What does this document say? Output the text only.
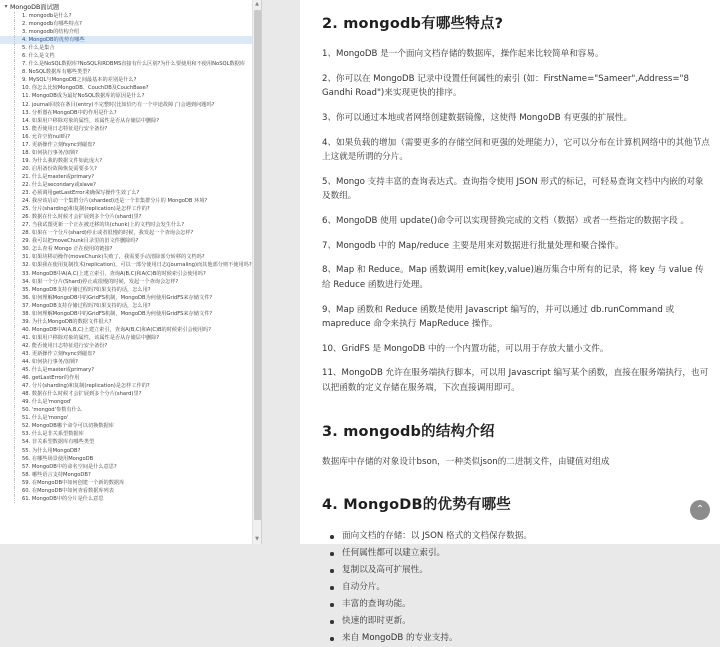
▾ MongoDB面试题
1. mongodb是什么?
2. mongodb有哪些特点?
3. mongodb的结构介绍
4. MongoDB的优势有哪些
5. 什么是集合
6. 什么是文档
7. 什么是NoSQL数据库?NoSQL和RDBMS直接有什么区别?为什么要使用和不使用NoSQL数据库
8. NoSQL数据库有哪些类型?
9. MySQL与MongoDB之间最基本的差别是什么?
10. 你怎么比较MongoDB、CouchDB及CouchBase?
11. MongoDB成为最好NoSQL数据库的原因是什么?
12. journal回放在条目(entry)不完整时(比如恰巧有一个中途故障了)会遇到问题吗?
13. 分析器在MongoDB中的作用是什么?
14. 如果用户移除对象的属性，该属性是否从存储层中删除?
15. 能否使用日志特征进行安全备份?
16. 允许空值null吗?
17. 更新操作立刻fsync到磁盘?
18. 如何执行事务/加锁?
19. 为什么我的数据文件如此庞大?
20. 启用备份故障恢复需要多久?
21. 什么是master或primary?
22. 什么是secondary或slave?
23. 必须调用getLastError来确保写操作生效了么?
24. 我应该启动一个集群分片(sharded)还是一个非集群分片的 MongoDB 环境?
25. 分片(sharding)和复制(replication)是怎样工作的?
26. 数据在什么时候才会扩展到多个分片(shard)里?
27. 当我试图更新一个正在被迁移的块(chunk)上的文档时会发生什么?
28. 如果在一个分片(shard)停止或者很慢的时候，我发起一个查询会怎样?
29. 我可以把moveChunk目录里的旧文件删除吗?
30. 怎么查看 Mongo 正在使用的链接?
31. 如果块移动操作(moveChunk)失败了，我需要手动清除部分转移的文档吗?
32. 如果我在使用复制技术(replication)，可以一部分使用日志(journaling)而其他部分则不使用吗?
33. MongoDB中A(A,C)上建立索引，查询A(B,C)和A(C)B的时候索引会使用吗?
34. 如果一个分片(Shard)停止或很慢的时候，发起一个查询会怎样?
35. MongoDB支持存储过程吗?如果支持的话，怎么用?
36. 如何理解MongoDB中的GridFS机制，MongoDB为何使用GridFS来存储文件?
37. MongoDB支持存储过程吗?如果支持的话，怎么用?
38. 如何理解MongoDB中的GridFS机制，MongoDB为何使用GridFS来存储文件?
39. 为什么MongoDB的数据文件很大?
40. MongoDB中A(A,B,C)上建立索引，查询A(B,C)和A(C)B的时候索引会使用吗?
41. 如果用户移除对象的属性，该属性是否从存储层中删除?
42. 能否使用日志特征进行安全备份?
43. 更新操作立刻fsync到磁盘?
44. 如何执行事务/加锁?
45. 什么是master或primary?
46. getLastError的作用
47. 分片(sharding)和复制(replication)是怎样工作的?
48. 数据在什么时候才会扩展到多个分片(shard)里?
49. 什么是'mongod'
50. 'mongod'参数有什么
51. 什么是'mongo'
52. MongoDB哪个命令可以切换数据库
53. 什么是非关系型数据库
54. 非关系型数据库有哪些类型
55. 为什么用MongoDB?
56. 在哪些场景使用MongoDB
57. MongoDB中的命名空间是什么意思?
58. 哪些语言支持MongoDB?
59. 在MongoDB中如何创建一个新的数据库
60. 在MongoDB中如何查看数据库列表
61. MongoDB中的分片是什么意思
▲
▼
2. mongodb有哪些特点?

1、MongoDB 是一个面向文档存储的数据库，操作起来比较简单和容易。

2、你可以在 MongoDB 记录中设置任何属性的索引 (如：FirstName="Sameer",Address="8 Gandhi Road")来实现更快的排序。

3、你可以通过本地或者网络创建数据镜像，这使得 MongoDB 有更强的扩展性。

4、如果负载的增加（需要更多的存储空间和更强的处理能力），它可以分布在计算机网络中的其他节点上这就是所谓的分片。

5、Mongo 支持丰富的查询表达式。查询指令使用 JSON 形式的标记，可轻易查询文档中内嵌的对象及数组。

6、MongoDB 使用 update()命令可以实现替换完成的文档（数据）或者一些指定的数据字段 。

7、Mongodb 中的 Map/reduce 主要是用来对数据进行批量处理和聚合操作。

8、Map 和 Reduce。Map 函数调用 emit(key,value)遍历集合中所有的记录，将 key 与 value 传给 Reduce 函数进行处理。

9、Map 函数和 Reduce 函数是使用 Javascript 编写的，并可以通过 db.runCommand 或 mapreduce 命令来执行 MapReduce 操作。

10、GridFS 是 MongoDB 中的一个内置功能，可以用于存放大量小文件。

11、MongoDB 允许在服务端执行脚本，可以用 Javascript 编写某个函数，直接在服务端执行，也可以把函数的定义存储在服务端，下次直接调用即可。

3. mongodb的结构介绍

数据库中存储的对象设计bson，一种类似json的二进制文件，由键值对组成

4. MongoDB的优势有哪些
面向文档的存储：以 JSON 格式的文档保存数据。
任何属性都可以建立索引。
复制以及高可扩展性。
自动分片。
丰富的查询功能。
快速的即时更新。
来自 MongoDB 的专业支持。
⌃
